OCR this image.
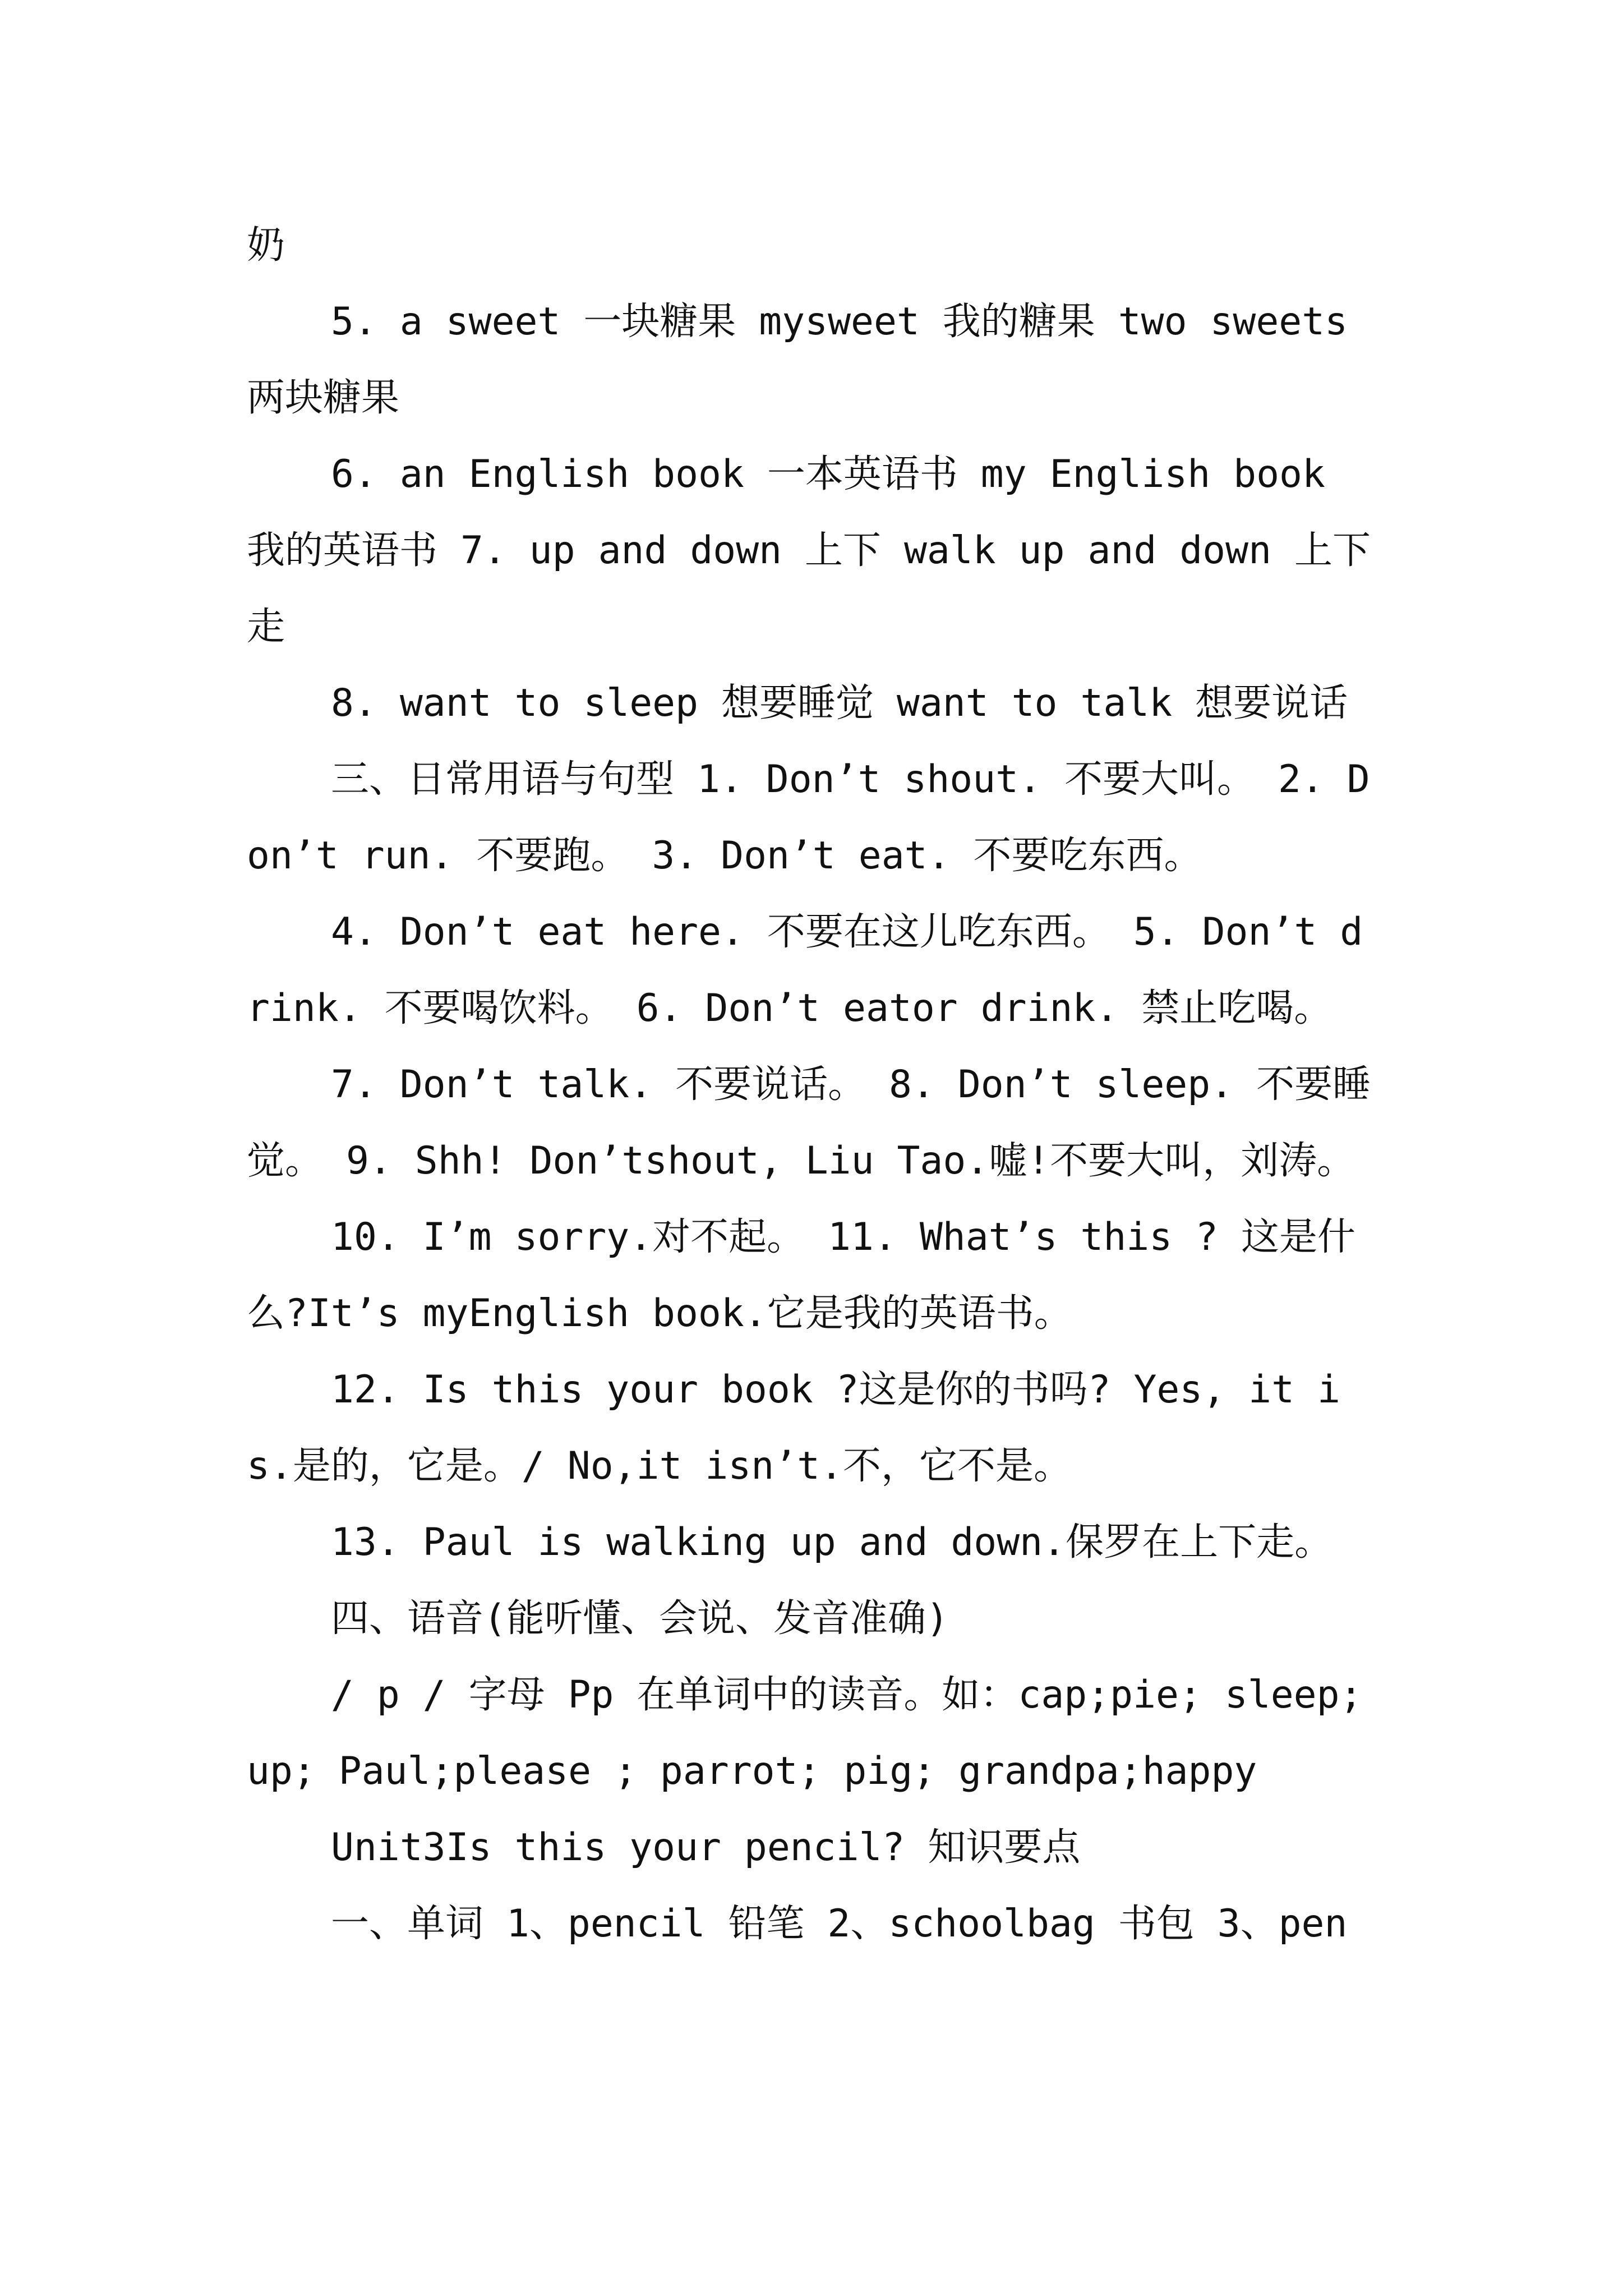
奶

5. a sweet 一块糖果 mysweet 我的糖果 two sweets 两块糖果

6. an English book 一本英语书 my English book 我的英语书 7. up and down 上下 walk up and down 上下走

8. want to sleep 想要睡觉 want to talk 想要说话

三、日常用语与句型 1. Don’t shout. 不要大叫。 2. Don’t run. 不要跑。 3. Don’t eat. 不要吃东西。

4. Don’t eat here. 不要在这儿吃东西。 5. Don’t drink. 不要喝饮料。 6. Don’t eator drink. 禁止吃喝。

7. Don’t talk. 不要说话。 8. Don’t sleep. 不要睡觉。 9. Shh! Don’tshout, Liu Tao.嘘!不要大叫，刘涛。

10. I’m sorry.对不起。 11. What’s this ? 这是什么?It’s myEnglish book.它是我的英语书。

12. Is this your book ?这是你的书吗? Yes, it is.是的，它是。/ No,it isn’t.不，它不是。

13. Paul is walking up and down.保罗在上下走。

四、语音(能听懂、会说、发音准确)

/ p / 字母 Pp 在单词中的读音。如：cap;pie; sleep; up; Paul;please ; parrot; pig; grandpa;happy

Unit3Is this your pencil? 知识要点

一、单词 1、pencil 铅笔 2、schoolbag 书包 3、pen
